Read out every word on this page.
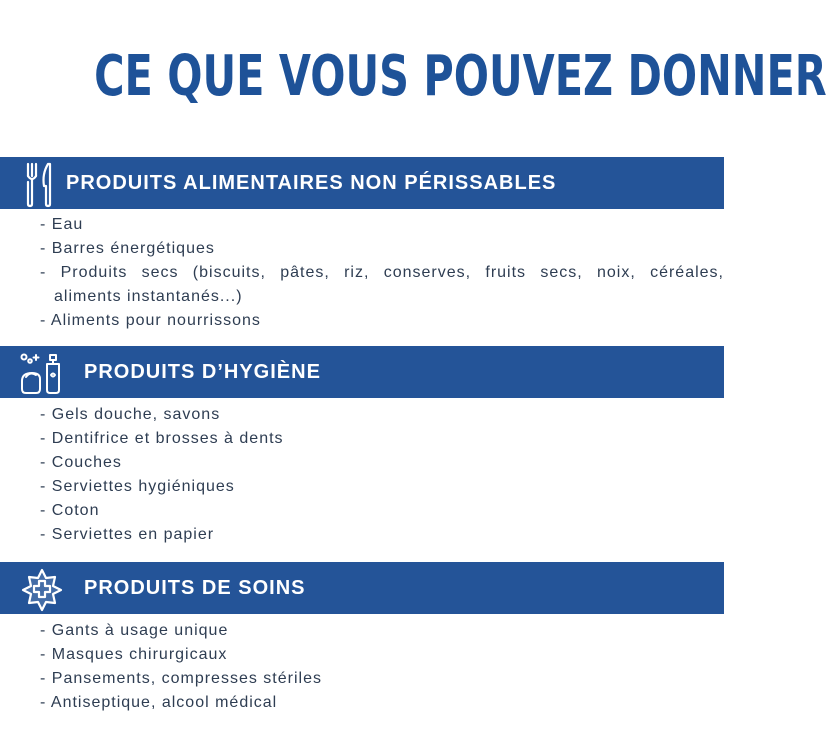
CE QUE VOUS POUVEZ DONNER
PRODUITS ALIMENTAIRES NON PÉRISSABLES
- Eau
- Barres énergétiques
- Produits secs (biscuits, pâtes, riz, conserves, fruits secs, noix, céréales,
aliments instantanés...)
- Aliments pour nourrissons
PRODUITS D’HYGIÈNE
- Gels douche, savons
- Dentifrice et brosses à dents
- Couches
- Serviettes hygiéniques
- Coton
- Serviettes en papier
PRODUITS DE SOINS
- Gants à usage unique
- Masques chirurgicaux
- Pansements, compresses stériles
- Antiseptique, alcool médical
